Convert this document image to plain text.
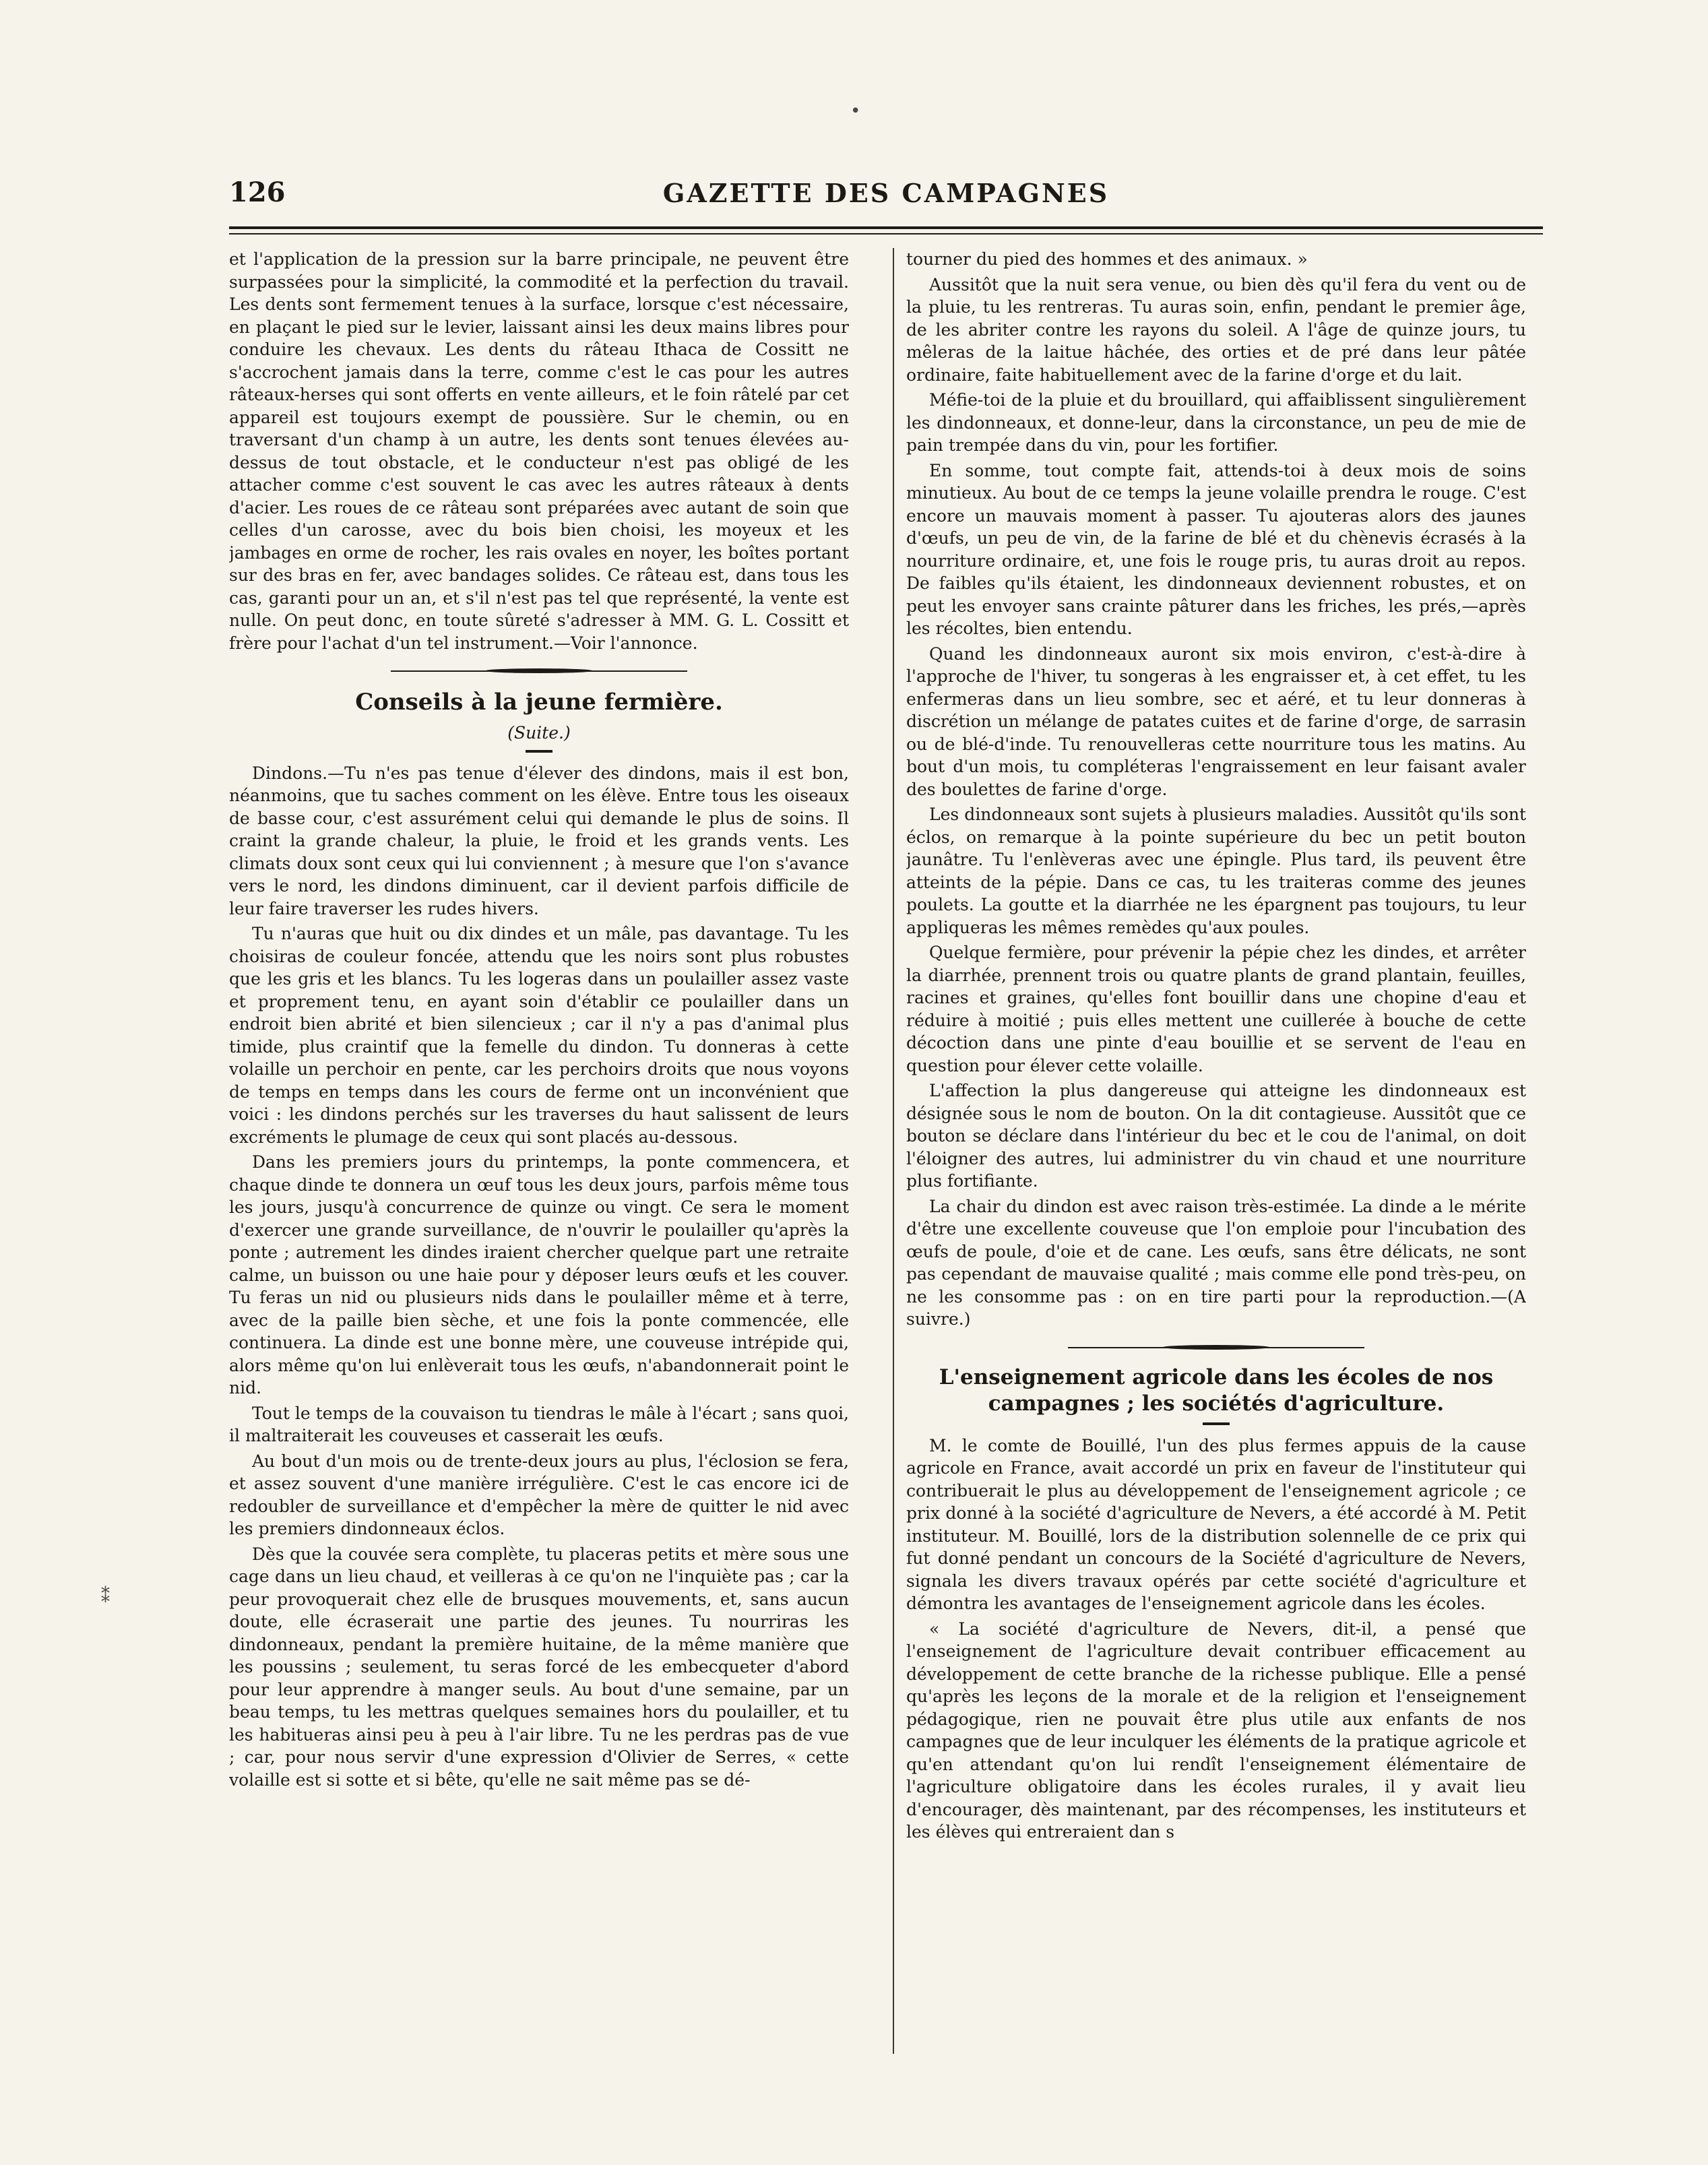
126	GAZETTE DES CAMPAGNES

et l'application de la pression sur la barre principale, ne peuvent être surpassées pour la simplicité, la commodité et la perfection du travail. Les dents sont fermement tenues à la surface, lorsque c'est nécessaire, en plaçant le pied sur le levier, laissant ainsi les deux mains libres pour conduire les chevaux. Les dents du râteau Ithaca de Cossitt ne s'accrochent jamais dans la terre, comme c'est le cas pour les autres râteaux-herses qui sont offerts en vente ailleurs, et le foin râtelé par cet appareil est toujours exempt de poussière. Sur le chemin, ou en traversant d'un champ à un autre, les dents sont tenues élevées au-dessus de tout obstacle, et le conducteur n'est pas obligé de les attacher comme c'est souvent le cas avec les autres râteaux à dents d'acier. Les roues de ce râteau sont préparées avec autant de soin que celles d'un carosse, avec du bois bien choisi, les moyeux et les jambages en orme de rocher, les rais ovales en noyer, les boîtes portant sur des bras en fer, avec bandages solides. Ce râteau est, dans tous les cas, garanti pour un an, et s'il n'est pas tel que représenté, la vente est nulle. On peut donc, en toute sûreté s'adresser à MM. G. L. Cossitt et frère pour l'achat d'un tel instrument.—Voir l'annonce.

Conseils à la jeune fermière.
(Suite.)

Dindons.—Tu n'es pas tenue d'élever des dindons, mais il est bon, néanmoins, que tu saches comment on les élève. Entre tous les oiseaux de basse cour, c'est assurément celui qui demande le plus de soins. Il craint la grande chaleur, la pluie, le froid et les grands vents. Les climats doux sont ceux qui lui conviennent ; à mesure que l'on s'avance vers le nord, les dindons diminuent, car il devient parfois difficile de leur faire traverser les rudes hivers.

Tu n'auras que huit ou dix dindes et un mâle, pas davantage. Tu les choisiras de couleur foncée, attendu que les noirs sont plus robustes que les gris et les blancs. Tu les logeras dans un poulailler assez vaste et proprement tenu, en ayant soin d'établir ce poulailler dans un endroit bien abrité et bien silencieux ; car il n'y a pas d'animal plus timide, plus craintif que la femelle du dindon. Tu donneras à cette volaille un perchoir en pente, car les perchoirs droits que nous voyons de temps en temps dans les cours de ferme ont un inconvénient que voici : les dindons perchés sur les traverses du haut salissent de leurs excréments le plumage de ceux qui sont placés au-dessous.

Dans les premiers jours du printemps, la ponte commencera, et chaque dinde te donnera un œuf tous les deux jours, parfois même tous les jours, jusqu'à concurrence de quinze ou vingt. Ce sera le moment d'exercer une grande surveillance, de n'ouvrir le poulailler qu'après la ponte ; autrement les dindes iraient chercher quelque part une retraite calme, un buisson ou une haie pour y déposer leurs œufs et les couver. Tu feras un nid ou plusieurs nids dans le poulailler même et à terre, avec de la paille bien sèche, et une fois la ponte commencée, elle continuera. La dinde est une bonne mère, une couveuse intrépide qui, alors même qu'on lui enlèverait tous les œufs, n'abandonnerait point le nid.

Tout le temps de la couvaison tu tiendras le mâle à l'écart ; sans quoi, il maltraiterait les couveuses et casserait les œufs.

Au bout d'un mois ou de trente-deux jours au plus, l'éclosion se fera, et assez souvent d'une manière irrégulière. C'est le cas encore ici de redoubler de surveillance et d'empêcher la mère de quitter le nid avec les premiers dindonneaux éclos.

Dès que la couvée sera complète, tu placeras petits et mère sous une cage dans un lieu chaud, et veilleras à ce qu'on ne l'inquiète pas ; car la peur provoquerait chez elle de brusques mouvements, et, sans aucun doute, elle écraserait une partie des jeunes. Tu nourriras les dindonneaux, pendant la première huitaine, de la même manière que les poussins ; seulement, tu seras forcé de les embecqueter d'abord pour leur apprendre à manger seuls. Au bout d'une semaine, par un beau temps, tu les mettras quelques semaines hors du poulailler, et tu les habitueras ainsi peu à peu à l'air libre. Tu ne les perdras pas de vue ; car, pour nous servir d'une expression d'Olivier de Serres, « cette volaille est si sotte et si bête, qu'elle ne sait même pas se dé-

tourner du pied des hommes et des animaux. »

Aussitôt que la nuit sera venue, ou bien dès qu'il fera du vent ou de la pluie, tu les rentreras. Tu auras soin, enfin, pendant le premier âge, de les abriter contre les rayons du soleil. A l'âge de quinze jours, tu mêleras de la laitue hâchée, des orties et de pré dans leur pâtée ordinaire, faite habituellement avec de la farine d'orge et du lait.

Méfie-toi de la pluie et du brouillard, qui affaiblissent singulièrement les dindonneaux, et donne-leur, dans la circonstance, un peu de mie de pain trempée dans du vin, pour les fortifier.

En somme, tout compte fait, attends-toi à deux mois de soins minutieux. Au bout de ce temps la jeune volaille prendra le rouge. C'est encore un mauvais moment à passer. Tu ajouteras alors des jaunes d'œufs, un peu de vin, de la farine de blé et du chènevis écrasés à la nourriture ordinaire, et, une fois le rouge pris, tu auras droit au repos. De faibles qu'ils étaient, les dindonneaux deviennent robustes, et on peut les envoyer sans crainte pâturer dans les friches, les prés,—après les récoltes, bien entendu.

Quand les dindonneaux auront six mois environ, c'est-à-dire à l'approche de l'hiver, tu songeras à les engraisser et, à cet effet, tu les enfermeras dans un lieu sombre, sec et aéré, et tu leur donneras à discrétion un mélange de patates cuites et de farine d'orge, de sarrasin ou de blé-d'inde. Tu renouvelleras cette nourriture tous les matins. Au bout d'un mois, tu compléteras l'engraissement en leur faisant avaler des boulettes de farine d'orge.

Les dindonneaux sont sujets à plusieurs maladies. Aussitôt qu'ils sont éclos, on remarque à la pointe supérieure du bec un petit bouton jaunâtre. Tu l'enlèveras avec une épingle. Plus tard, ils peuvent être atteints de la pépie. Dans ce cas, tu les traiteras comme des jeunes poulets. La goutte et la diarrhée ne les épargnent pas toujours, tu leur appliqueras les mêmes remèdes qu'aux poules.

Quelque fermière, pour prévenir la pépie chez les dindes, et arrêter la diarrhée, prennent trois ou quatre plants de grand plantain, feuilles, racines et graines, qu'elles font bouillir dans une chopine d'eau et réduire à moitié ; puis elles mettent une cuillerée à bouche de cette décoction dans une pinte d'eau bouillie et se servent de l'eau en question pour élever cette volaille.

L'affection la plus dangereuse qui atteigne les dindonneaux est désignée sous le nom de bouton. On la dit contagieuse. Aussitôt que ce bouton se déclare dans l'intérieur du bec et le cou de l'animal, on doit l'éloigner des autres, lui administrer du vin chaud et une nourriture plus fortifiante.

La chair du dindon est avec raison très-estimée. La dinde a le mérite d'être une excellente couveuse que l'on emploie pour l'incubation des œufs de poule, d'oie et de cane. Les œufs, sans être délicats, ne sont pas cependant de mauvaise qualité ; mais comme elle pond très-peu, on ne les consomme pas : on en tire parti pour la reproduction.—(A suivre.)

L'enseignement agricole dans les écoles de nos campagnes ; les sociétés d'agriculture.

M. le comte de Bouillé, l'un des plus fermes appuis de la cause agricole en France, avait accordé un prix en faveur de l'instituteur qui contribuerait le plus au développement de l'enseignement agricole ; ce prix donné à la société d'agriculture de Nevers, a été accordé à M. Petit instituteur. M. Bouillé, lors de la distribution solennelle de ce prix qui fut donné pendant un concours de la Société d'agriculture de Nevers, signala les divers travaux opérés par cette société d'agriculture et démontra les avantages de l'enseignement agricole dans les écoles.

« La société d'agriculture de Nevers, dit-il, a pensé que l'enseignement de l'agriculture devait contribuer efficacement au développement de cette branche de la richesse publique. Elle a pensé qu'après les leçons de la morale et de la religion et l'enseignement pédagogique, rien ne pouvait être plus utile aux enfants de nos campagnes que de leur inculquer les éléments de la pratique agricole et qu'en attendant qu'on lui rendît l'enseignement élémentaire de l'agriculture obligatoire dans les écoles rurales, il y avait lieu d'encourager, dès maintenant, par des récompenses, les instituteurs et les élèves qui entreraient dan s

•
⁑
